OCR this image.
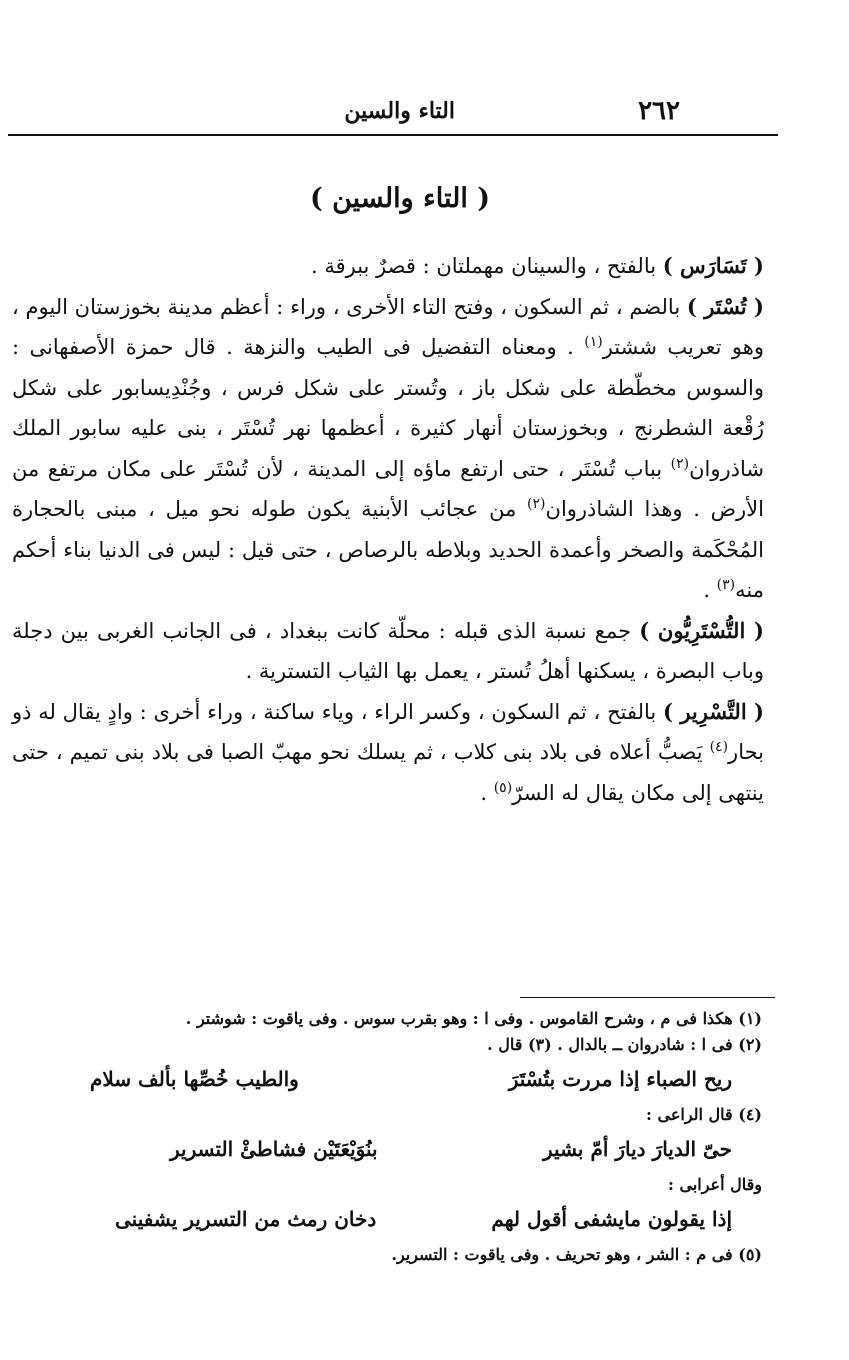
٢٦٢
التاء والسين
( التاء والسين )

( تَسَارَس ) بالفتح ، والسينان مهملتان : قصرٌ ببرقة .

( تُسْتَر ) بالضم ، ثم السكون ، وفتح التاء الأخرى ، وراء : أعظم مدينة بخوزستان اليوم ، وهو تعريب ششتر$^{(١)}$ . ومعناه التفضيل فى الطيب والنزهة . قال حمزة الأصفهانى : والسوس مخطّطة على شكل باز ، وتُستر على شكل فرس ، وجُنْدِيسابور على شكل رُقْعة الشطرنج ، وبخوزستان أنهار كثيرة ، أعظمها نهر تُسْتَر ، بنى عليه سابور الملك شاذروان$^{(٢)}$ بباب تُسْتَر ، حتى ارتفع ماؤه إلى المدينة ، لأن تُسْتَر على مكان مرتفع من الأرض . وهذا الشاذروان$^{(٢)}$ من عجائب الأبنية يكون طوله نحو ميل ، مبنى بالحجارة المُحْكَمة والصخر وأعمدة الحديد وبلاطه بالرصاص ، حتى قيل : ليس فى الدنيا بناء أحكم منه$^{(٣)}$ .

( التُّسْتَرِيُّون ) جمع نسبة الذى قبله : محلّة كانت ببغداد ، فى الجانب الغربى بين دجلة وباب البصرة ، يسكنها أهلُ تُستر ، يعمل بها الثياب التسترية .

( التَّسْرِير ) بالفتح ، ثم السكون ، وكسر الراء ، وياء ساكنة ، وراء أخرى : وادٍ يقال له ذو بحار$^{(٤)}$ يَصبُّ أعلاه فى بلاد بنى كلاب ، ثم يسلك نحو مهبّ الصبا فى بلاد بنى تميم ، حتى ينتهى إلى مكان يقال له السرّ$^{(٥)}$ .

(١) هكذا فى م ، وشرح القاموس . وفى ا : وهو بقرب سوس . وفى ياقوت : شوشتر .

(٢) فى ا : شادروان ــ بالدال . (٣) قال .

ريح الصباء إذا مررت بتُسْتَرَ
والطيب خُصِّها بألف سلام

(٤) قال الراعى :

حىّ الديارَ ديارَ أمّ بشير
بنُوَيْعَتَيْن فشاطئْ التسرير

وقال أعرابى :

إذا يقولون مايشفى أقول لهم
دخان رمث من التسرير يشفينى

(٥) فى م : الشر ، وهو تحريف . وفى ياقوت : التسرير.
